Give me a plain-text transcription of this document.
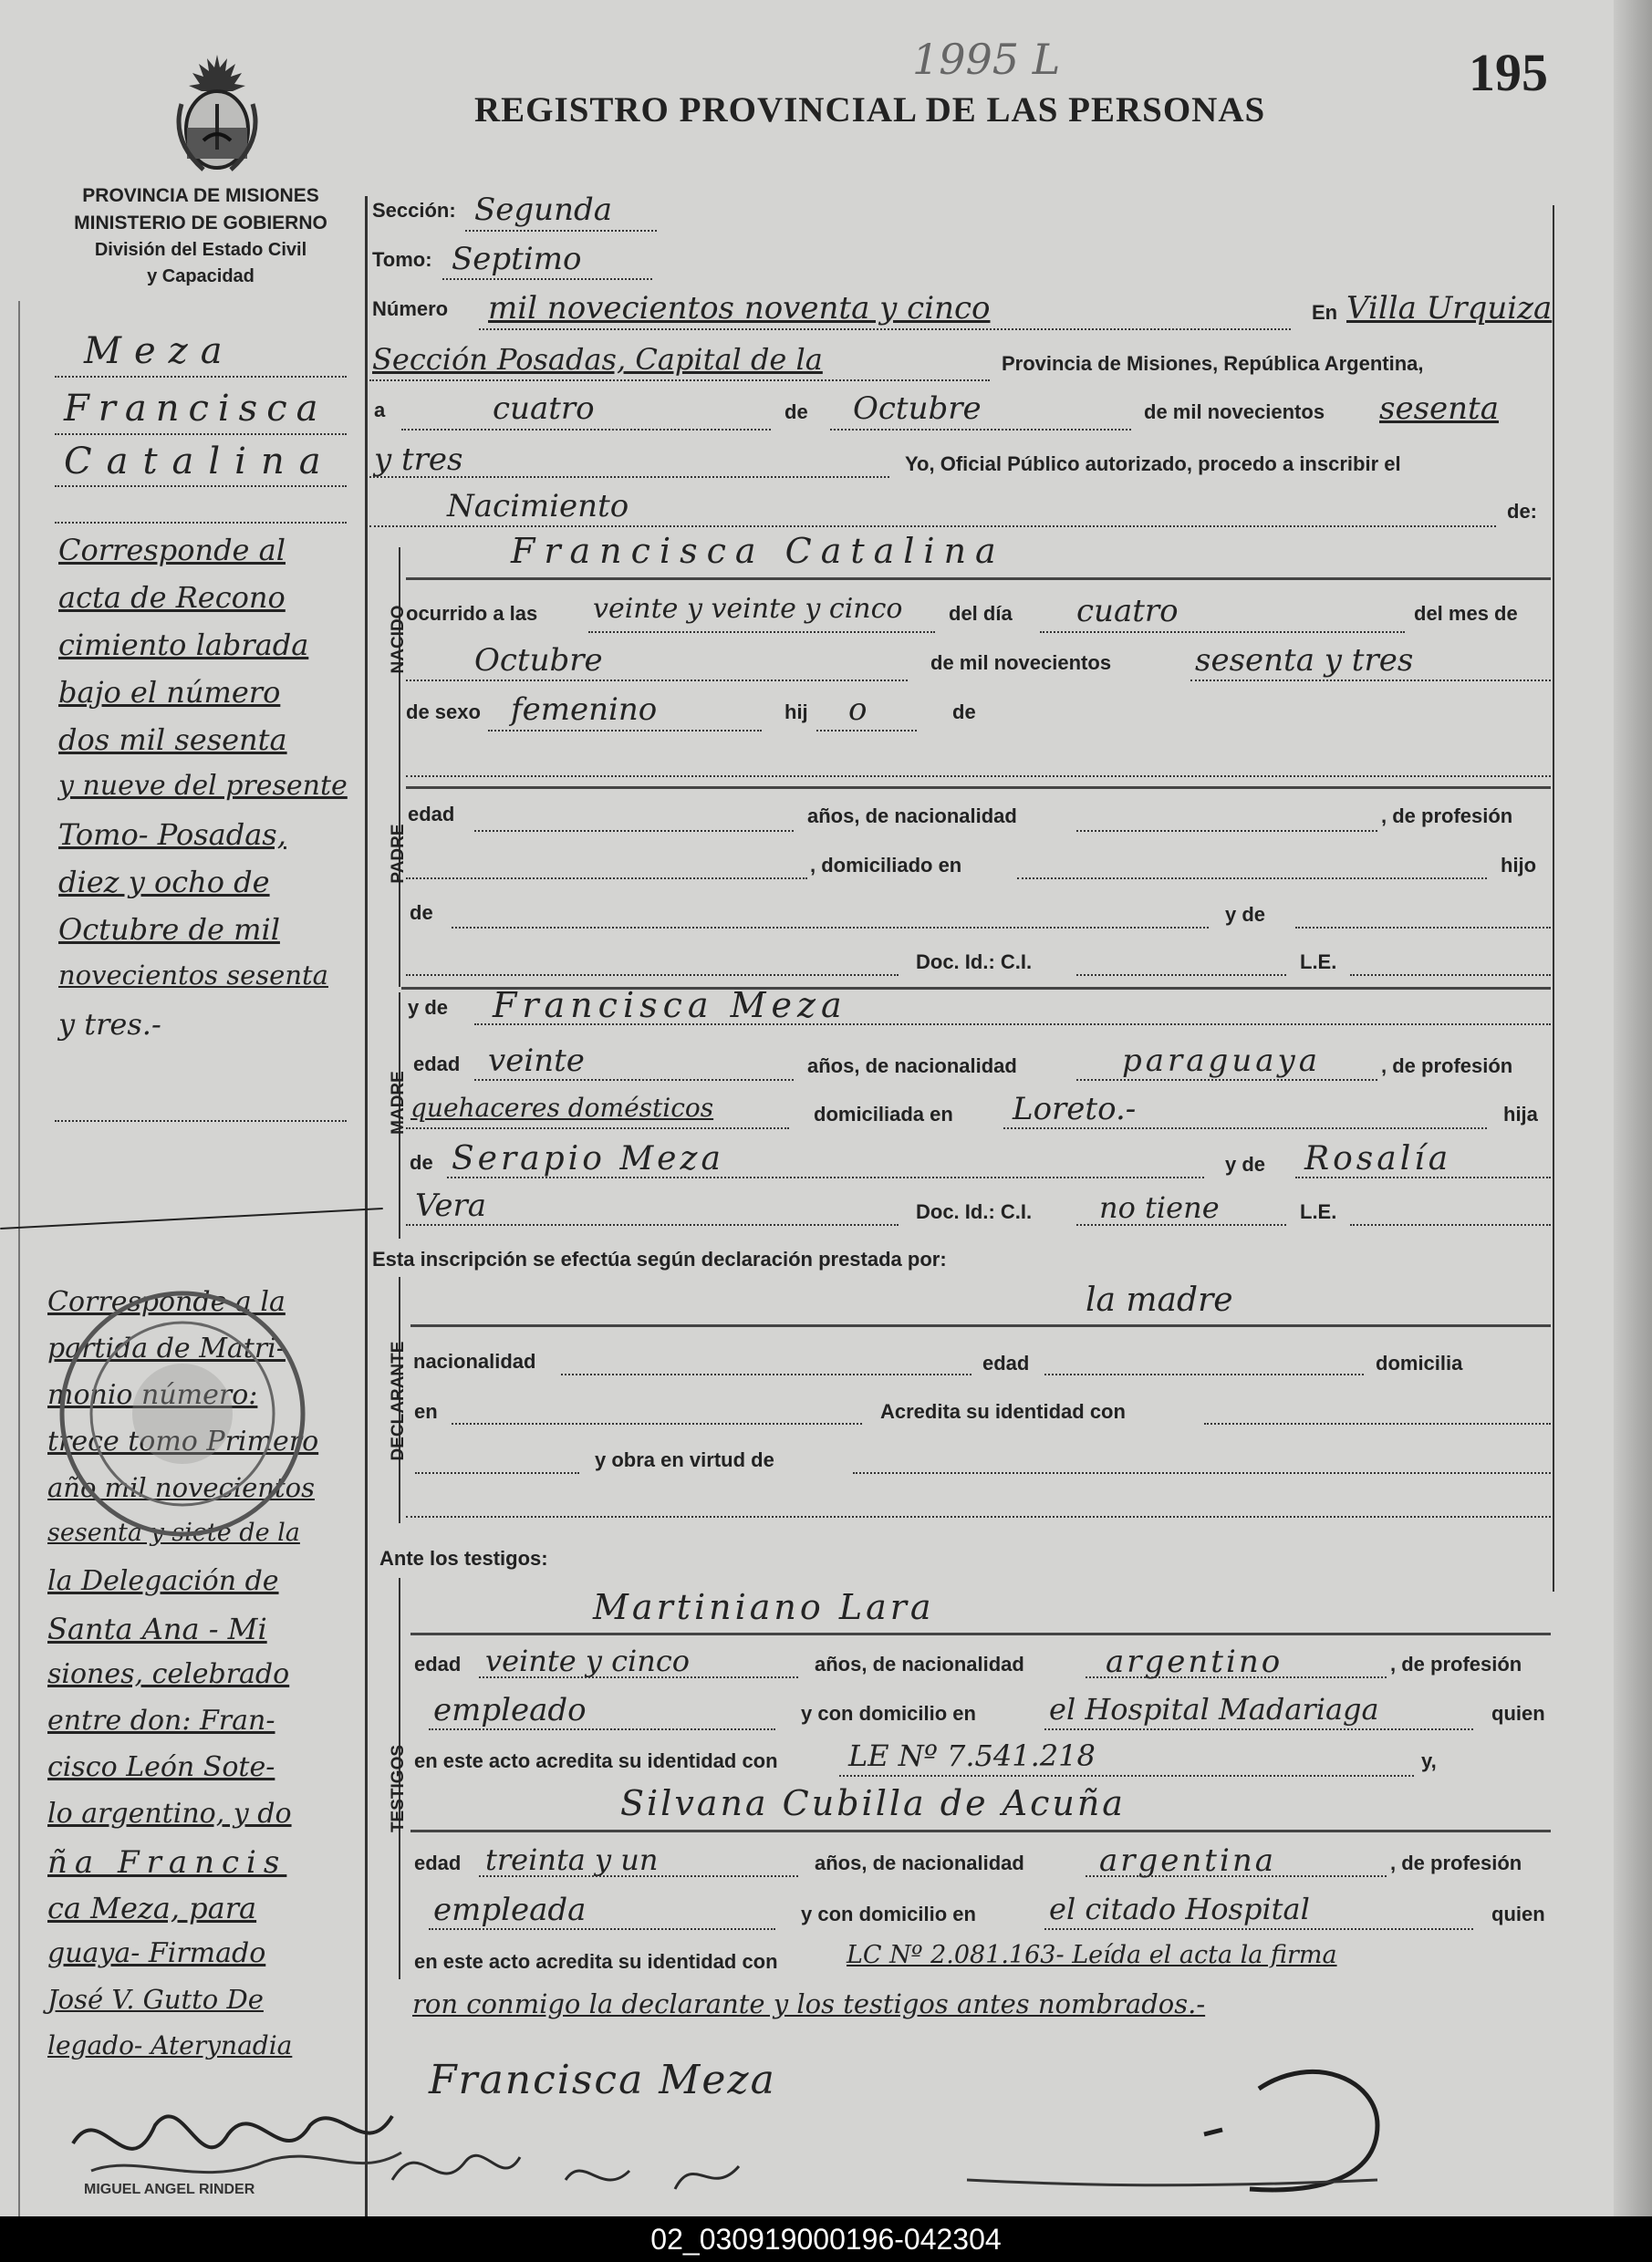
PROVINCIA DE MISIONES
MINISTERIO DE GOBIERNO
División del Estado Civil
y Capacidad
REGISTRO PROVINCIAL DE LAS PERSONAS
1995 L	195
Meza
Francisca
Catalina
Corresponde al
acta de Recono
cimiento labrada
bajo el número
dos mil sesenta
y nueve del presente
Tomo- Posadas,
diez y ocho de
Octubre de mil
novecientos sesenta
y tres.-
Corresponde a la
partida de Matri-
monio número:
trece tomo Primero
año mil novecientos
sesenta y siete de la
la Delegación de
Santa Ana - Mi
siones, celebrado
entre don: Fran-
cisco León Sote-
lo argentino, y do
ña Francis
ca Meza, para
guaya- Firmado
José V. Gutto De
legado- Aterynadia
MIGUEL ANGEL RINDER
Sección: Segunda
Tomo: Septimo
Número mil novecientos noventa y cinco	En Villa Urquiza
Sección Posadas, Capital de la	Provincia de Misiones, República Argentina,
a	cuatro	de Octubre	de mil novecientos sesenta
y tres	Yo, Oficial Público autorizado, procedo a inscribir el
Nacimiento	de:
NACIDO
Francisca Catalina
ocurrido a las veinte y veinte y cinco del día cuatro	del mes de
Octubre	de mil novecientos	sesenta y tres
de sexo femenino	hij o	de
PADRE
edad	años, de nacionalidad	, de profesión
, domiciliado en	hijo
de	y de
Doc. Id.: C.I.	L.E.
MADRE
y de Francisca Meza
edad veinte	años, de nacionalidad	paraguaya	, de profesión
quehaceres domésticos	domiciliada en Loreto.-	hija
de Serapio Meza	y de Rosalía
Vera	Doc. Id.: C.I. no tiene	L.E.
Esta inscripción se efectúa según declaración prestada por:
DECLARANTE
la madre
nacionalidad	edad	domicilia
en	Acredita su identidad con
y obra en virtud de
Ante los testigos:
TESTIGOS
Martiniano Lara
edad veinte y cinco	años, de nacionalidad	argentino	, de profesión
empleado	y con domicilio en	el Hospital Madariaga	quien
en este acto acredita su identidad con LE Nº 7.541.218	y,
Silvana Cubilla de Acuña
edad treinta y un	años, de nacionalidad argentina	, de profesión
empleada	y con domicilio en	el citado Hospital	quien
en este acto acredita su identidad con	LC Nº 2.081.163- Leída el acta la firma
ron conmigo la declarante y los testigos antes nombrados.-
Francisca Meza
02_030919000196-042304
